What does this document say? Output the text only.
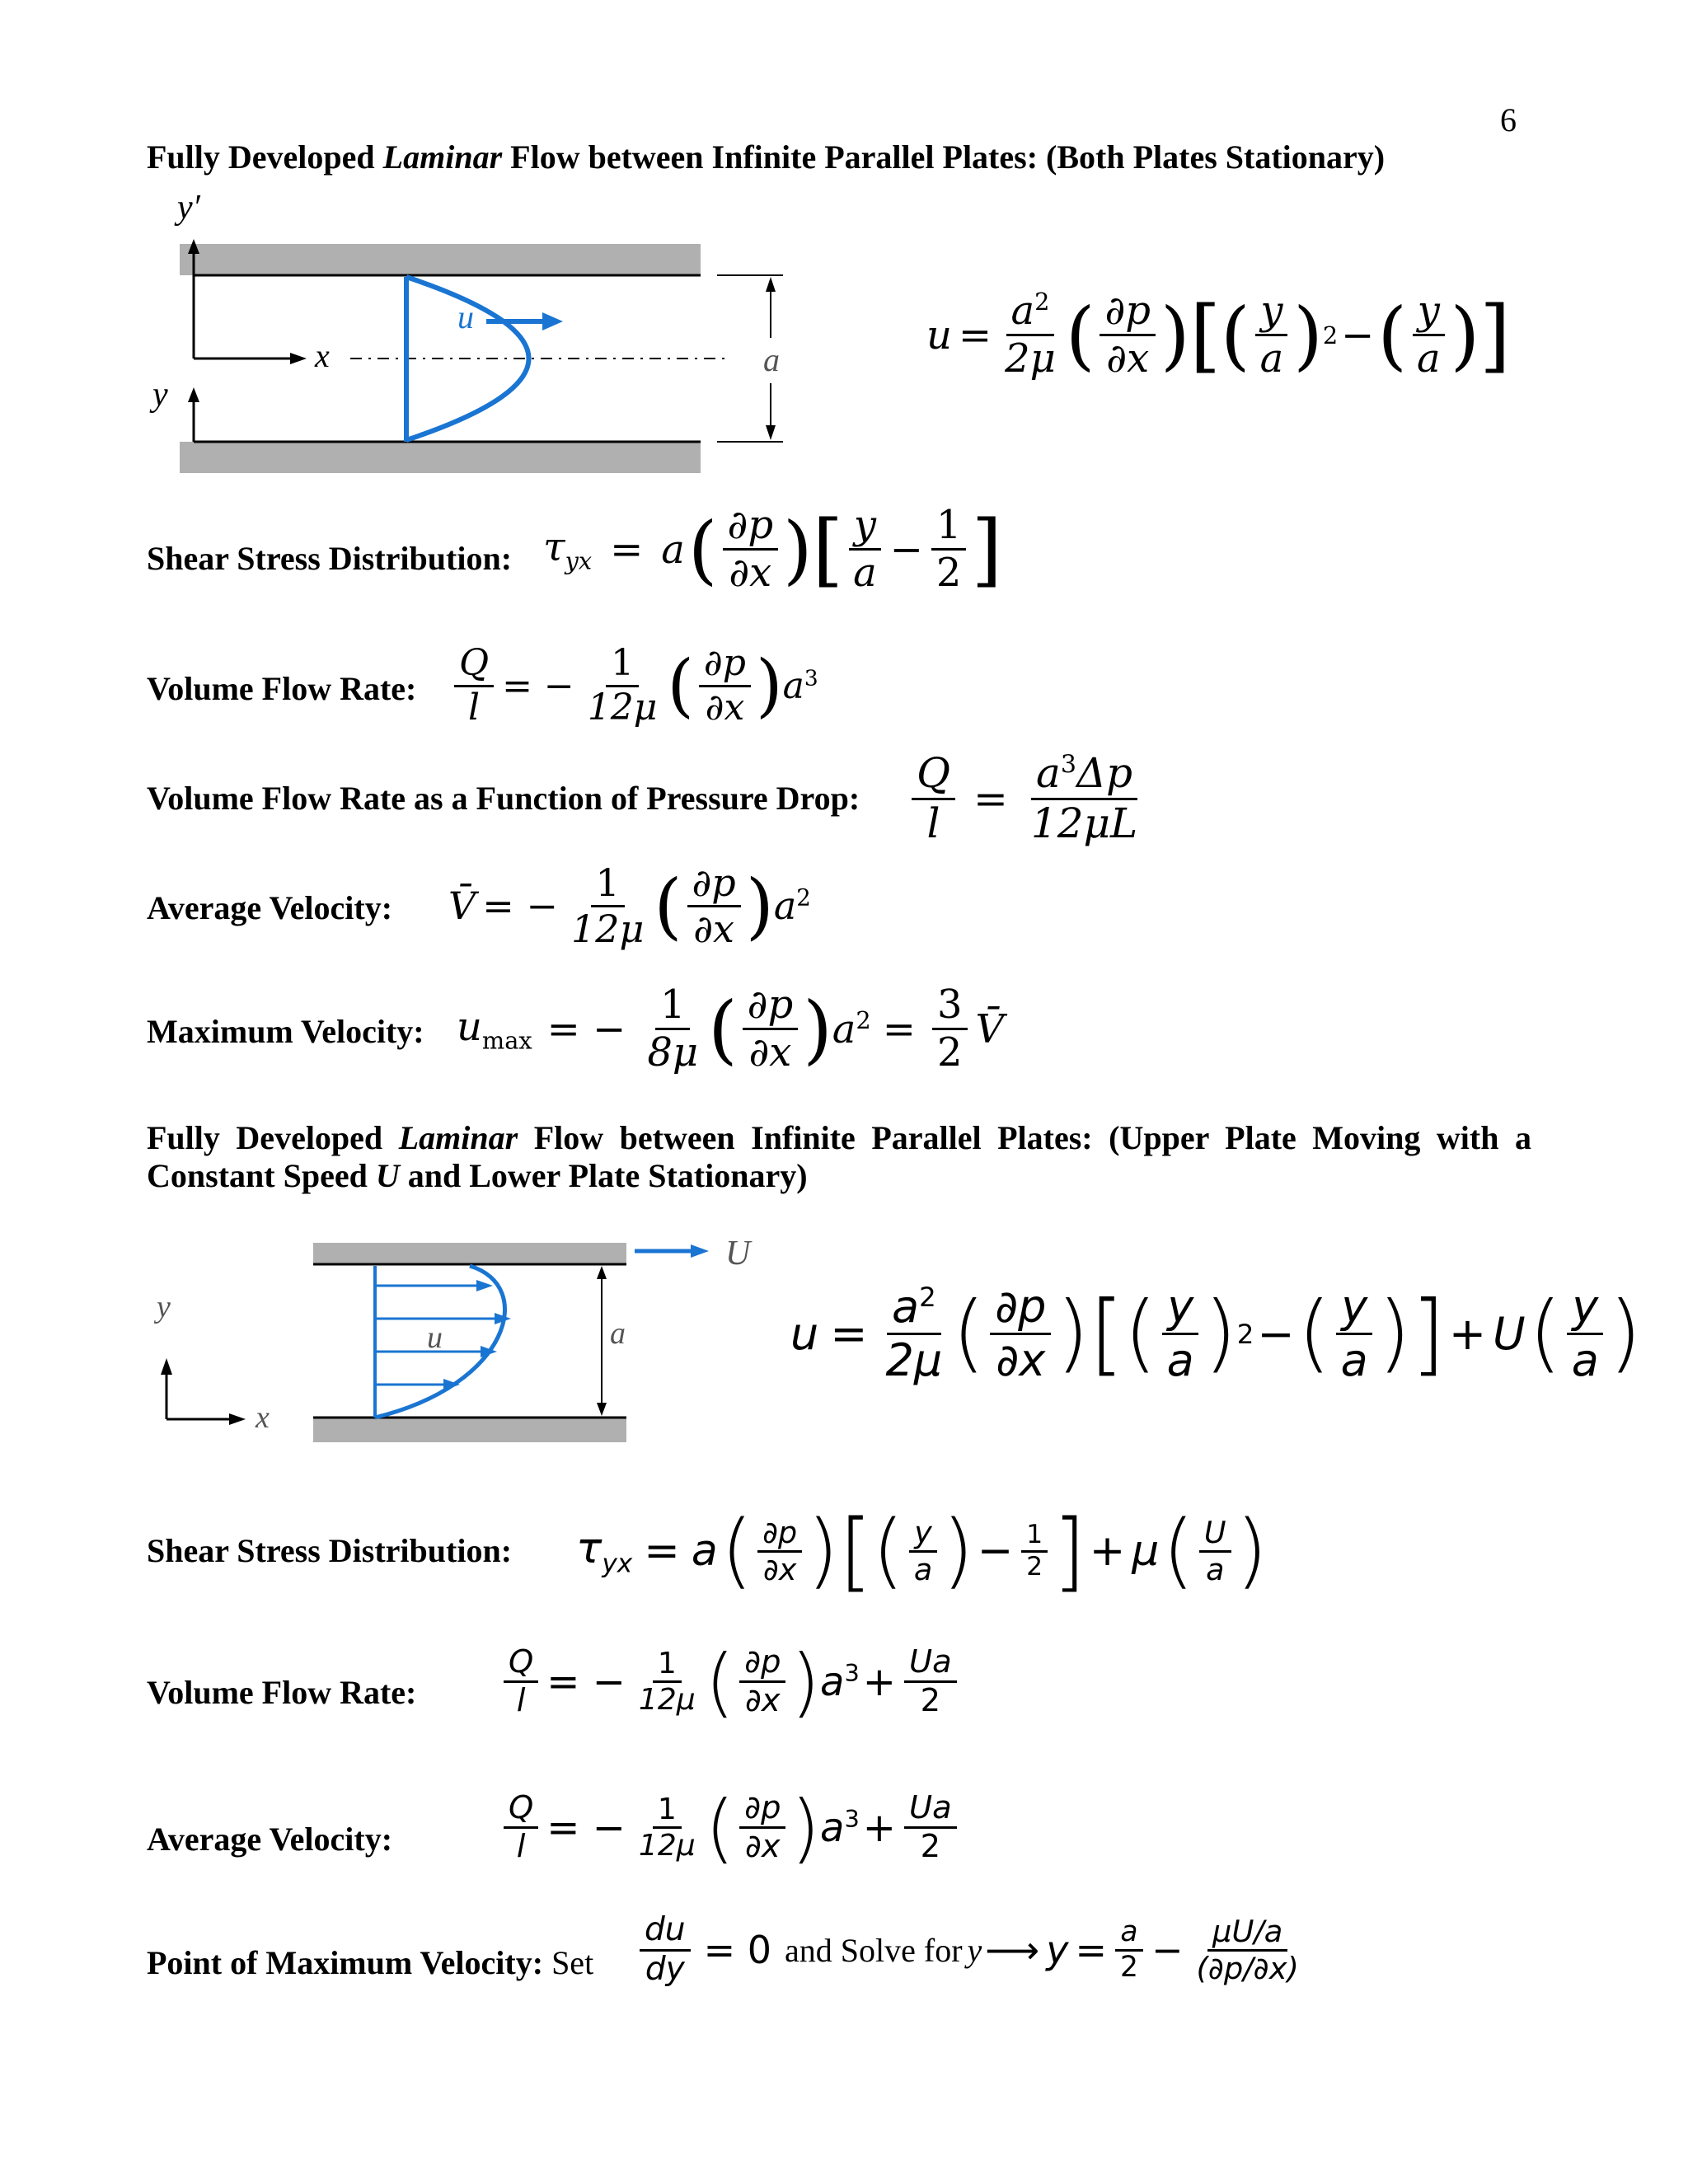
6
Fully Developed Laminar Flow between Infinite Parallel Plates: (Both Plates Stationary)
y′
y
x
u
a
$u = \frac{a^2}{2\mu}$ ( $\frac{\partial p}{\partial x}$ ) [ ( $\frac{y}{a}$ ) 2 − ( $\frac{y}{a}$ ) ]
Shear Stress Distribution: $\tau_{yx} = a$ ( $\frac{\partial p}{\partial x}$ ) [ $\frac{y}{a} - \frac{1}{2}$ ]
Volume Flow Rate: $\frac{Q}{l}$ = − $\frac{1}{12\mu}$ ( $\frac{\partial p}{\partial x}$ ) $a^3$
Volume Flow Rate as a Function of Pressure Drop: $\frac{Q}{l} = \frac{a^3\Delta p}{12\mu L}$
Average Velocity: V̄ = − $\frac{1}{12\mu}$ ( $\frac{\partial p}{\partial x}$ ) $a^2$
Maximum Velocity: $u_{max}$ = − $\frac{1}{8\mu}$ ( $\frac{\partial p}{\partial x}$ ) $a^2 = \frac{3}{2}$ V̄
Fully Developed Laminar Flow between Infinite Parallel Plates: (Upper Plate Moving with a Constant Speed U and Lower Plate Stationary)
U
u	a
y
x
$u = \frac{a^2}{2\mu}$ ( $\frac{\partial p}{\partial x}$ ) [ ( $\frac{y}{a}$ ) 2 − ( $\frac{y}{a}$ ) ] + U ( $\frac{y}{a}$ )
Shear Stress Distribution: $\tau_{yx} = a$ ( $\frac{\partial p}{\partial x}$ ) [ ( $\frac{y}{a}$ ) − $\frac{1}{2}$ ] + μ ( $\frac{U}{a}$ )
Volume Flow Rate:	$\frac{Q}{l}$ = − $\frac{1}{12\mu}$ ( $\frac{\partial p}{\partial x}$ ) $a^3 + \frac{Ua}{2}$
Average Velocity:	$\frac{Q}{l}$ = − $\frac{1}{12\mu}$ ( $\frac{\partial p}{\partial x}$ ) $a^3 + \frac{Ua}{2}$
Point of Maximum Velocity: Set $\frac{du}{dy} = 0$ and Solve for y ⟶ $y = \frac{a}{2} - \frac{\mu U/a}{(\partial p/\partial x)}$
